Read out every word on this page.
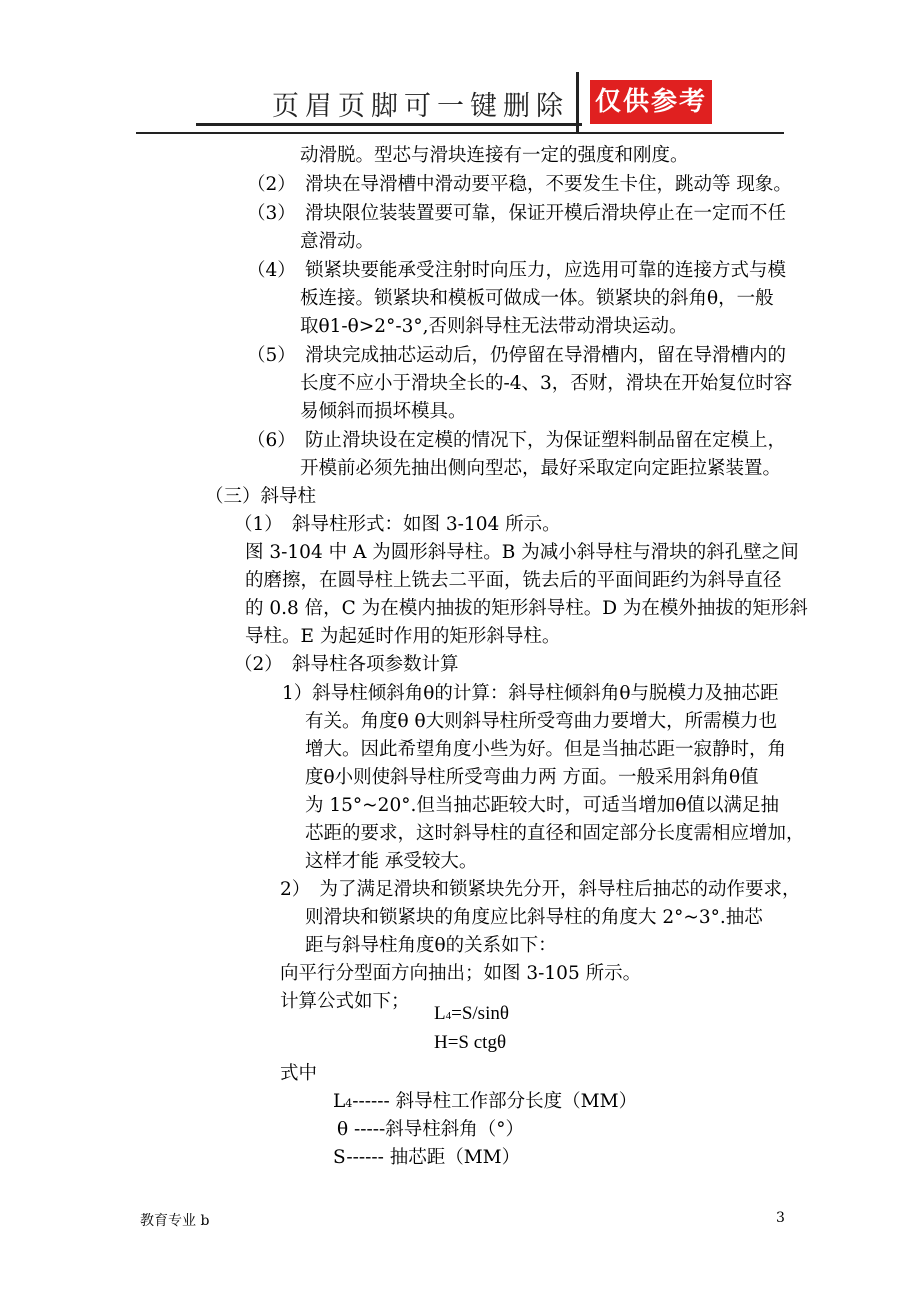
页眉页脚可一键删除 仅供参考
动滑脱。型芯与滑块连接有一定的强度和刚度。
（2）　滑块在导滑槽中滑动要平稳，不要发生卡住，跳动等 现象。
（3）　滑块限位装装置要可靠，保证开模后滑块停止在一定而不任
意滑动。
（4）　锁紧块要能承受注射时向压力，应选用可靠的连接方式与模
板连接。锁紧块和模板可做成一体。锁紧块的斜角θ，一般
取θ1-θ>2°-3°,否则斜导柱无法带动滑块运动。
（5）　滑块完成抽芯运动后，仍停留在导滑槽内，留在导滑槽内的
长度不应小于滑块全长的-4、3，否财，滑块在开始复位时容
易倾斜而损坏模具。
（6）　防止滑块设在定模的情况下，为保证塑料制品留在定模上，
开模前必须先抽出侧向型芯，最好采取定向定距拉紧装置。
（三）斜导柱
（1）　斜导柱形式：如图 3-104 所示。
图 3-104 中 A 为圆形斜导柱。B 为减小斜导柱与滑块的斜孔壁之间
的磨擦，在圆导柱上铣去二平面，铣去后的平面间距约为斜导直径
的 0.8 倍，C 为在模内抽拔的矩形斜导柱。D 为在模外抽拔的矩形斜
导柱。E 为起延时作用的矩形斜导柱。
（2）　斜导柱各项参数计算
1）斜导柱倾斜角θ的计算：斜导柱倾斜角θ与脱模力及抽芯距
有关。角度θ θ大则斜导柱所受弯曲力要增大，所需模力也
增大。因此希望角度小些为好。但是当抽芯距一寂静时，角
度θ小则使斜导柱所受弯曲力两 方面。一般采用斜角θ值
为 15°~20°.但当抽芯距较大时，可适当增加θ值以满足抽
芯距的要求，这时斜导柱的直径和固定部分长度需相应增加，
这样才能 承受较大。
2）　为了满足滑块和锁紧块先分开，斜导柱后抽芯的动作要求，
则滑块和锁紧块的角度应比斜导柱的角度大 2°~3°.抽芯
距与斜导柱角度θ的关系如下：
向平行分型面方向抽出；如图 3-105 所示。
计算公式如下；
L4=S/sinθ
H=S ctgθ
式中
L4------ 斜导柱工作部分长度（MM）
θ -----斜导柱斜角（°）
S------ 抽芯距（MM）
教育专业 b	3
